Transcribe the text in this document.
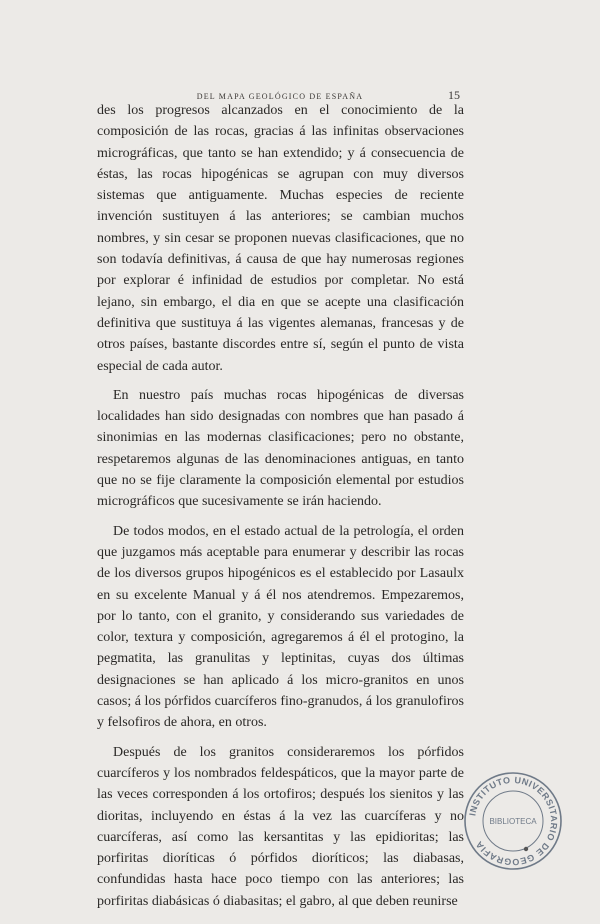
DEL MAPA GEOLÓGICO DE ESPAÑA	15

des los progresos alcanzados en el conocimiento de la composición de las rocas, gracias á las infinitas observaciones micrográficas, que tanto se han extendido; y á consecuencia de éstas, las rocas hipogénicas se agrupan con muy diversos sistemas que antiguamente. Muchas especies de reciente invención sustituyen á las anteriores; se cambian muchos nombres, y sin cesar se proponen nuevas clasificaciones, que no son todavía definitivas, á causa de que hay numerosas regiones por explorar é infinidad de estudios por completar. No está lejano, sin embargo, el dia en que se acepte una clasificación definitiva que sustituya á las vigentes alemanas, francesas y de otros países, bastante discordes entre sí, según el punto de vista especial de cada autor.

En nuestro país muchas rocas hipogénicas de diversas localidades han sido designadas con nombres que han pasado á sinonimias en las modernas clasificaciones; pero no obstante, respetaremos algunas de las denominaciones antiguas, en tanto que no se fije claramente la composición elemental por estudios micrográficos que sucesivamente se irán haciendo.

De todos modos, en el estado actual de la petrología, el orden que juzgamos más aceptable para enumerar y describir las rocas de los diversos grupos hipogénicos es el establecido por Lasaulx en su excelente Manual y á él nos atendremos. Empezaremos, por lo tanto, con el granito, y considerando sus variedades de color, textura y composición, agregaremos á él el protogino, la pegmatita, las granulitas y leptinitas, cuyas dos últimas designaciones se han aplicado á los micro-granitos en unos casos; á los pórfidos cuarcíferos fino-granudos, á los granulofiros y felsofiros de ahora, en otros.

Después de los granitos consideraremos los pórfidos cuarcíferos y los nombrados feldespáticos, que la mayor parte de las veces corresponden á los ortofiros; después los sienitos y las dioritas, incluyendo en éstas á la vez las cuarcíferas y no cuarcíferas, así como las kersantitas y las epidioritas; las porfiritas dioríticas ó pórfidos dioríticos; las diabasas, confundidas hasta hace poco tiempo con las anteriores; las porfiritas diabásicas ó diabasitas; el gabro, al que deben reunirse

INSTITUTO UNIVERSITARIO DE GEOGRAFIA
BIBLIOTECA
